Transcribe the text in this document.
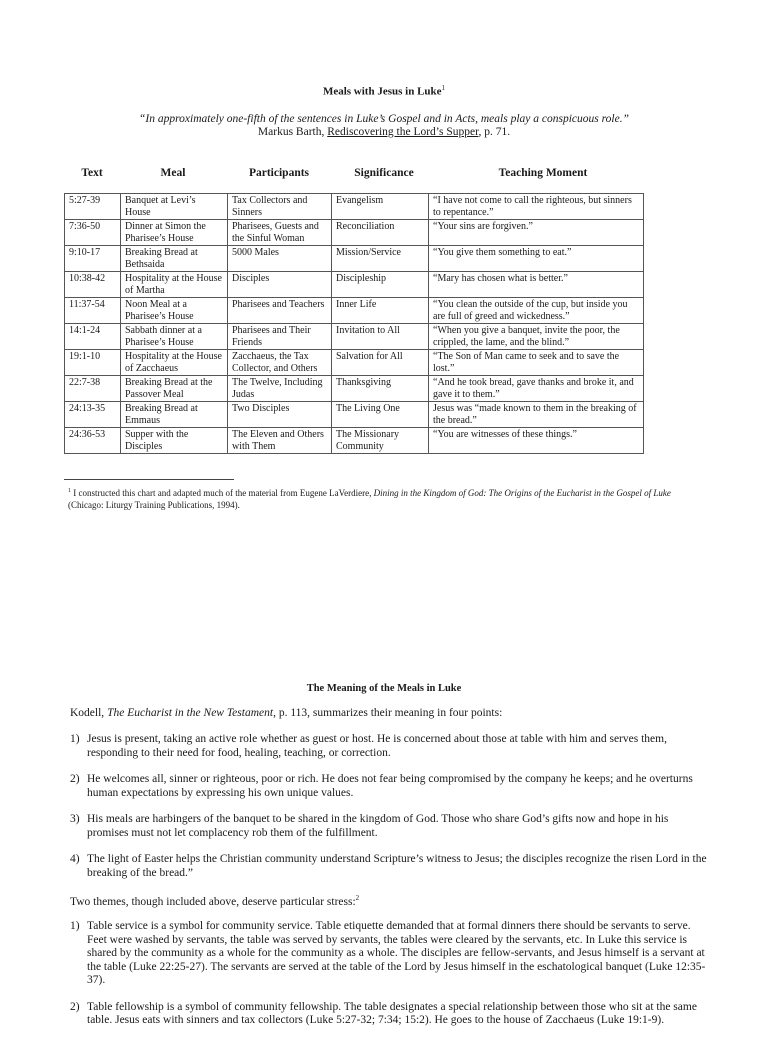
Meals with Jesus in Luke$^1$
“In approximately one-fifth of the sentences in Luke’s Gospel and in Acts, meals play a conspicuous role.”
Markus Barth, Rediscovering the Lord’s Supper, p. 71.
Text	Meal	Participants	Significance	Teaching Moment
5:27-39	Banquet at Levi’s House	Tax Collectors and Sinners	Evangelism	“I have not come to call the righteous, but sinners to repentance.”
7:36-50	Dinner at Simon the Pharisee’s House	Pharisees, Guests and the Sinful Woman	Reconciliation	“Your sins are forgiven.”
9:10-17	Breaking Bread at Bethsaida	5000 Males	Mission/Service	“You give them something to eat.”
10:38-42	Hospitality at the House of Martha	Disciples	Discipleship	“Mary has chosen what is better.”
11:37-54	Noon Meal at a Pharisee’s House	Pharisees and Teachers	Inner Life	“You clean the outside of the cup, but inside you are full of greed and wickedness.”
14:1-24	Sabbath dinner at a Pharisee’s House	Pharisees and Their Friends	Invitation to All	“When you give a banquet, invite the poor, the crippled, the lame, and the blind.”
19:1-10	Hospitality at the House of Zacchaeus	Zacchaeus, the Tax Collector, and Others	Salvation for All	“The Son of Man came to seek and to save the lost.”
22:7-38	Breaking Bread at the Passover Meal	The Twelve, Including Judas	Thanksgiving	“And he took bread, gave thanks and broke it, and gave it to them.”
24:13-35	Breaking Bread at Emmaus	Two Disciples	The Living One	Jesus was “made known to them in the breaking of the bread.”
24:36-53	Supper with the Disciples	The Eleven and Others with Them	The Missionary Community	“You are witnesses of these things.”
$^1$ I constructed this chart and adapted much of the material from Eugene LaVerdiere, Dining in the Kingdom of God: The Origins of the Eucharist in the Gospel of Luke (Chicago: Liturgy Training Publications, 1994).
The Meaning of the Meals in Luke
Kodell, The Eucharist in the New Testament, p. 113, summarizes their meaning in four points:
1) Jesus is present, taking an active role whether as guest or host. He is concerned about those at table with him and serves them, responding to their need for food, healing, teaching, or correction.
2) He welcomes all, sinner or righteous, poor or rich. He does not fear being compromised by the company he keeps; and he overturns human expectations by expressing his own unique values.
3) His meals are harbingers of the banquet to be shared in the kingdom of God. Those who share God’s gifts now and hope in his promises must not let complacency rob them of the fulfillment.
4) The light of Easter helps the Christian community understand Scripture’s witness to Jesus; the disciples recognize the risen Lord in the breaking of the bread.”
Two themes, though included above, deserve particular stress:$^2$
1) Table service is a symbol for community service. Table etiquette demanded that at formal dinners there should be servants to serve. Feet were washed by servants, the table was served by servants, the tables were cleared by the servants, etc. In Luke this service is shared by the community as a whole for the community as a whole. The disciples are fellow-servants, and Jesus himself is a servant at the table (Luke 22:25-27). The servants are served at the table of the Lord by Jesus himself in the eschatological banquet (Luke 12:35-37).
2) Table fellowship is a symbol of community fellowship. The table designates a special relationship between those who sit at the same table. Jesus eats with sinners and tax collectors (Luke 5:27-32; 7:34; 15:2). He goes to the house of Zacchaeus (Luke 19:1-9).
